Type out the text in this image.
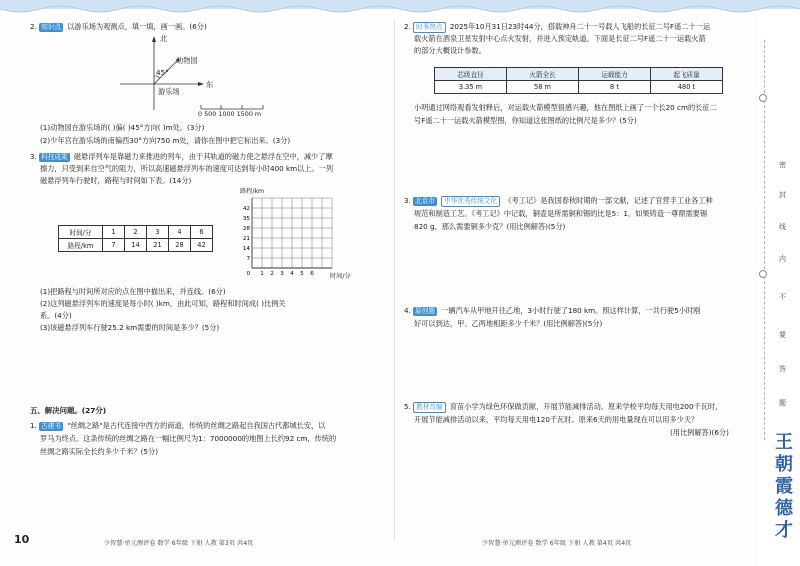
2. 知识点 以游乐场为观测点，填一填，画一画。(6分)
北
东
45°
动物园
游乐场
0 500 1000 1500 m
(1)动物园在游乐场的( )偏( )45°方向( )m处。(3分)
(2)少年宫在游乐场的南偏西30°方向750 m处，请你在图中把它标出来。(3分)
3. 科技成果 磁悬浮列车是靠磁力来推进的列车，由于其轨道的磁力使之悬浮在空中，减少了摩
擦力，只受到来自空气的阻力，所以高速磁悬浮列车的速度可达到每小时400 km以上。一列
磁悬浮列车行驶时，路程与时间如下表。(14分)
时间/分	1	2	3	4	6
路程/km	7	14	21	28	42
7
14
21
28
35
42
1 2 3 4 5 6
0
路程/km
时间/分
(1)把路程与时间所对应的点在图中描出来，并连线。(6分)
(2)这列磁悬浮列车的速度是每小时( )km，由此可知，路程和时间成( )比例关
系。(4分)
(3)该磁悬浮列车行驶25.2 km需要的时间是多少？(5分)
五、解决问题。(27分)
1. 古建书 "丝绸之路"是古代连接中西方的商道，传统的丝绸之路起自我国古代都城长安，以
罗马为终点。这条传统的丝绸之路在一幅比例尺为1：7000000的地图上长约92 cm，传统的
丝绸之路实际全长约多少千米？(5分)
10	少智慧·单元测评卷 数学 6年级 下册 人教 第3页 共4页
2. 时事热点 2025年10月31日23时44分，搭载神舟二十一号载人飞船的长征二号F遥二十一运
载火箭在酒泉卫星发射中心点火发射，并进入预定轨道。下面是长征二号F遥二十一运载火箭
的部分大概设计参数。
芯级直径	火箭全长	运载能力	起飞质量
3.35 m	58 m	8 t	480 t
小明通过网络观看发射释后，对运载火箭模型很感兴趣，他在图纸上画了一个长20 cm的长征二
号F遥二十一运载火箭模型图，你知道这张图纸的比例尺是多少？(5分)
3. 北京市 中华优秀传统文化 《考工记》是我国春秋时期的一部文献，记述了官营手工业各工种
规范和制造工艺。《考工记》中记载，铜壶是所需铜和锡的比是5：1。如果铸造一尊鼎需要锡
820 g，那么需要铜多少克？(用比例解答)(5分)
4. 原创题 一辆汽车从甲地开往乙地，3小时行驶了180 km。照这样计算，一共行驶5小时刚
好可以到达，甲、乙两地相距多少千米？(用比例解答)(5分)
5. 教材改编 育苗小学为绿色环保做贡献，开展节能减排活动。原来学校平均每天用电200千瓦时，
开展节能减排活动以来，平均每天用电120千瓦时。原来6天的用电量现在可以用多少天？
(用比例解答)(6分)
少智慧·单元测评卷 数学 6年级 下册 人教 第4页 共4页
密
封
线
内
不
要
答
题
王朝霞德才
